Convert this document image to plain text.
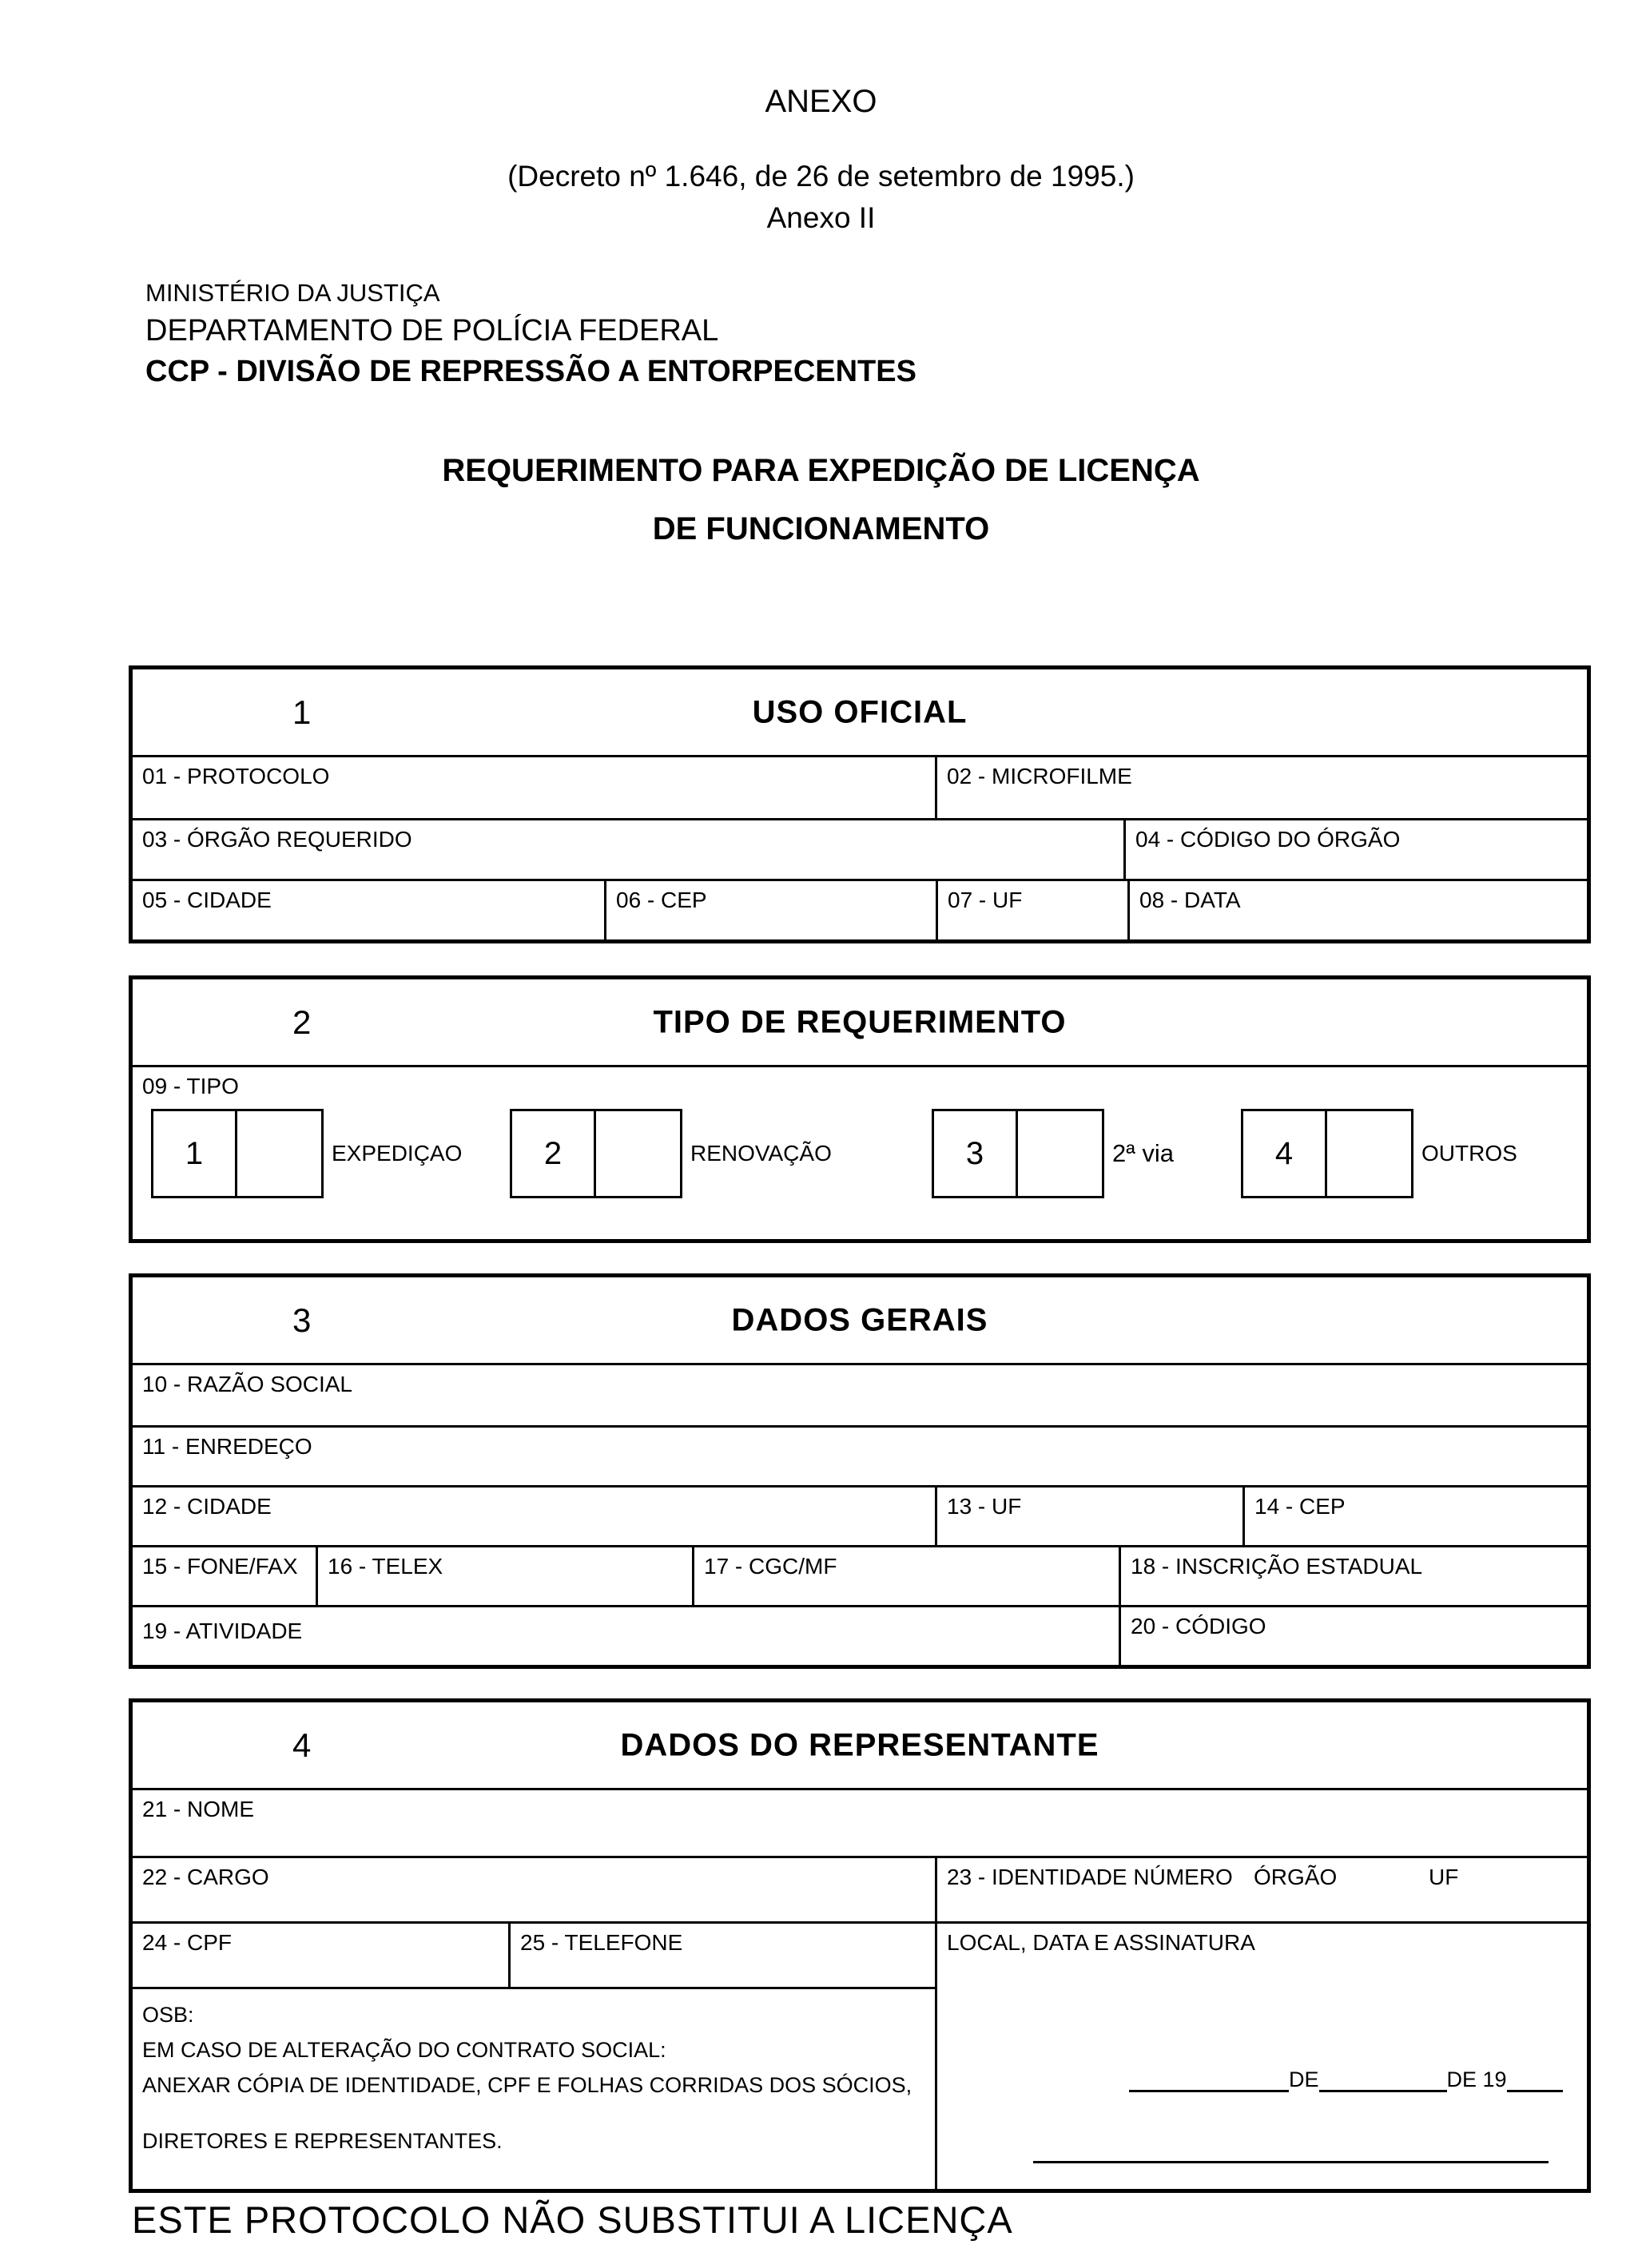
ANEXO
(Decreto nº 1.646, de 26 de setembro de 1995.)
Anexo II
MINISTÉRIO DA JUSTIÇA
DEPARTAMENTO DE POLÍCIA FEDERAL
CCP - DIVISÃO DE REPRESSÃO A ENTORPECENTES
REQUERIMENTO PARA EXPEDIÇÃO DE LICENÇA
DE FUNCIONAMENTO
1	USO OFICIAL
01 - PROTOCOLO	02 - MICROFILME
03 - ÓRGÃO REQUERIDO	04 - CÓDIGO DO ÓRGÃO
05 - CIDADE	06 - CEP	07 - UF	08 - DATA
2	TIPO DE REQUERIMENTO
09 - TIPO
1	EXPEDIÇAO	2	RENOVAÇÃO	3	2ª via	4	OUTROS
3	DADOS GERAIS
10 - RAZÃO SOCIAL
11 - ENREDEÇO
12 - CIDADE	13 - UF	14 - CEP
15 - FONE/FAX	16 - TELEX	17 - CGC/MF	18 - INSCRIÇÃO ESTADUAL
19 - ATIVIDADE	20 - CÓDIGO
4	DADOS DO REPRESENTANTE
21 - NOME
22 - CARGO	23 - IDENTIDADE NÚMERO ÓRGÃO	UF
24 - CPF	25 - TELEFONE
OSB:
EM CASO DE ALTERAÇÃO DO CONTRATO SOCIAL:
ANEXAR CÓPIA DE IDENTIDADE, CPF E FOLHAS CORRIDAS DOS SÓCIOS,
DIRETORES E REPRESENTANTES.
LOCAL, DATA E ASSINATURA
DE	DE 19
ESTE PROTOCOLO NÃO SUBSTITUI A LICENÇA
